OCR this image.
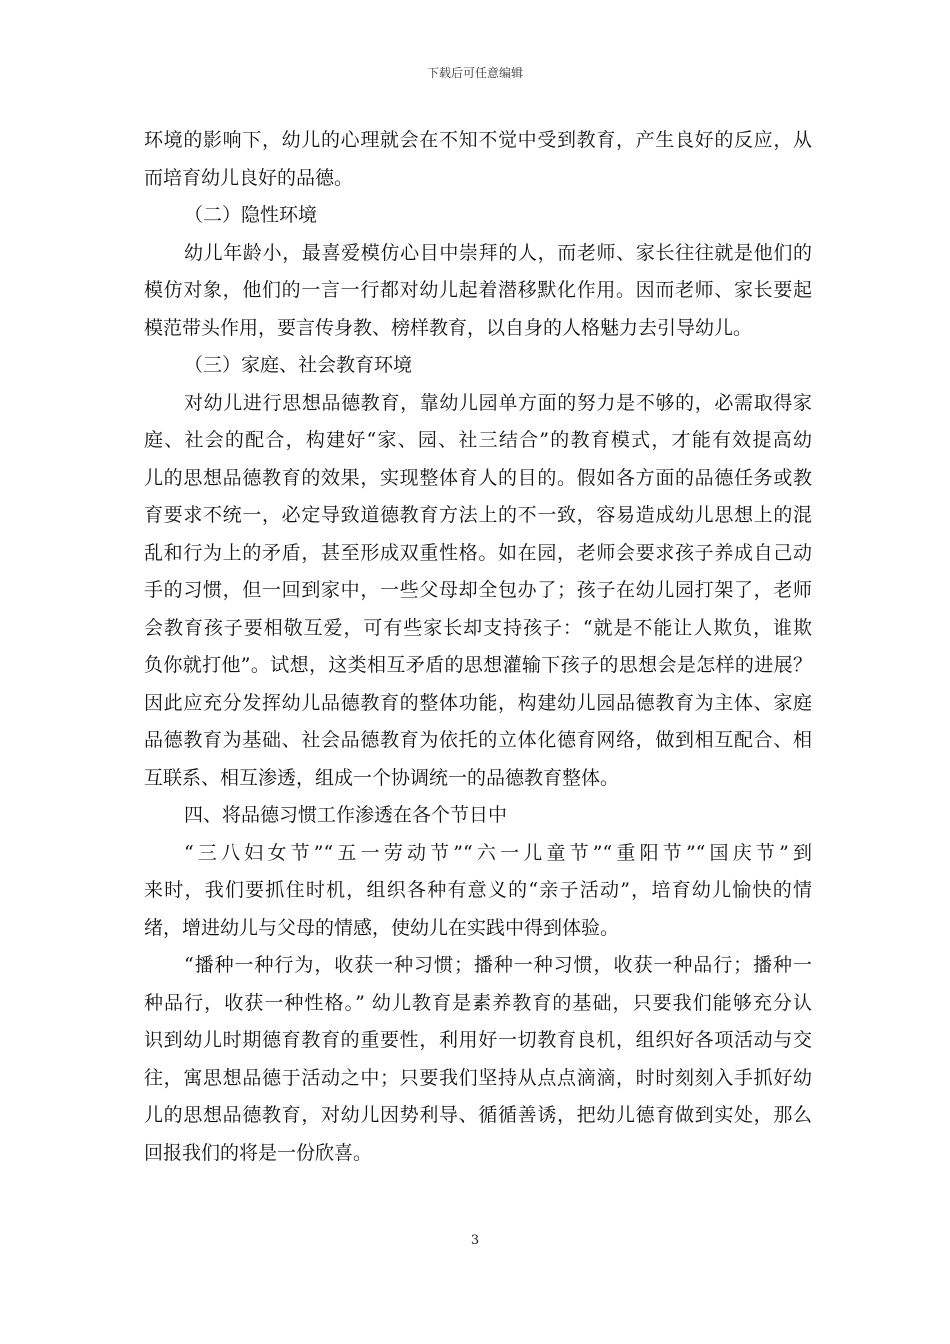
下载后可任意编辑
环境的影响下，幼儿的心理就会在不知不觉中受到教育，产生良好的反应，从
而培育幼儿良好的品德。
（二）隐性环境
幼儿年龄小，最喜爱模仿心目中崇拜的人，而老师、家长往往就是他们的
模仿对象，他们的一言一行都对幼儿起着潜移默化作用。因而老师、家长要起
模范带头作用，要言传身教、榜样教育，以自身的人格魅力去引导幼儿。
（三）家庭、社会教育环境
对幼儿进行思想品德教育，靠幼儿园单方面的努力是不够的，必需取得家
庭、社会的配合，构建好“家、园、社三结合”的教育模式，才能有效提高幼
儿的思想品德教育的效果，实现整体育人的目的。假如各方面的品德任务或教
育要求不统一，必定导致道德教育方法上的不一致，容易造成幼儿思想上的混
乱和行为上的矛盾，甚至形成双重性格。如在园，老师会要求孩子养成自己动
手的习惯，但一回到家中，一些父母却全包办了；孩子在幼儿园打架了，老师
会教育孩子要相敬互爱，可有些家长却支持孩子：“就是不能让人欺负，谁欺
负你就打他”。试想，这类相互矛盾的思想灌输下孩子的思想会是怎样的进展？
因此应充分发挥幼儿品德教育的整体功能，构建幼儿园品德教育为主体、家庭
品德教育为基础、社会品德教育为依托的立体化德育网络，做到相互配合、相
互联系、相互渗透，组成一个协调统一的品德教育整体。
四、将品德习惯工作渗透在各个节日中
“三八妇女节”“五一劳动节”“六一儿童节”“重阳节”“国庆节”到
来时，我们要抓住时机，组织各种有意义的“亲子活动”，培育幼儿愉快的情
绪，增进幼儿与父母的情感，使幼儿在实践中得到体验。
“播种一种行为，收获一种习惯；播种一种习惯，收获一种品行；播种一
种品行，收获一种性格。” 幼儿教育是素养教育的基础，只要我们能够充分认
识到幼儿时期德育教育的重要性，利用好一切教育良机，组织好各项活动与交
往，寓思想品德于活动之中；只要我们坚持从点点滴滴，时时刻刻入手抓好幼
儿的思想品德教育，对幼儿因势利导、循循善诱，把幼儿德育做到实处，那么
回报我们的将是一份欣喜。
3
